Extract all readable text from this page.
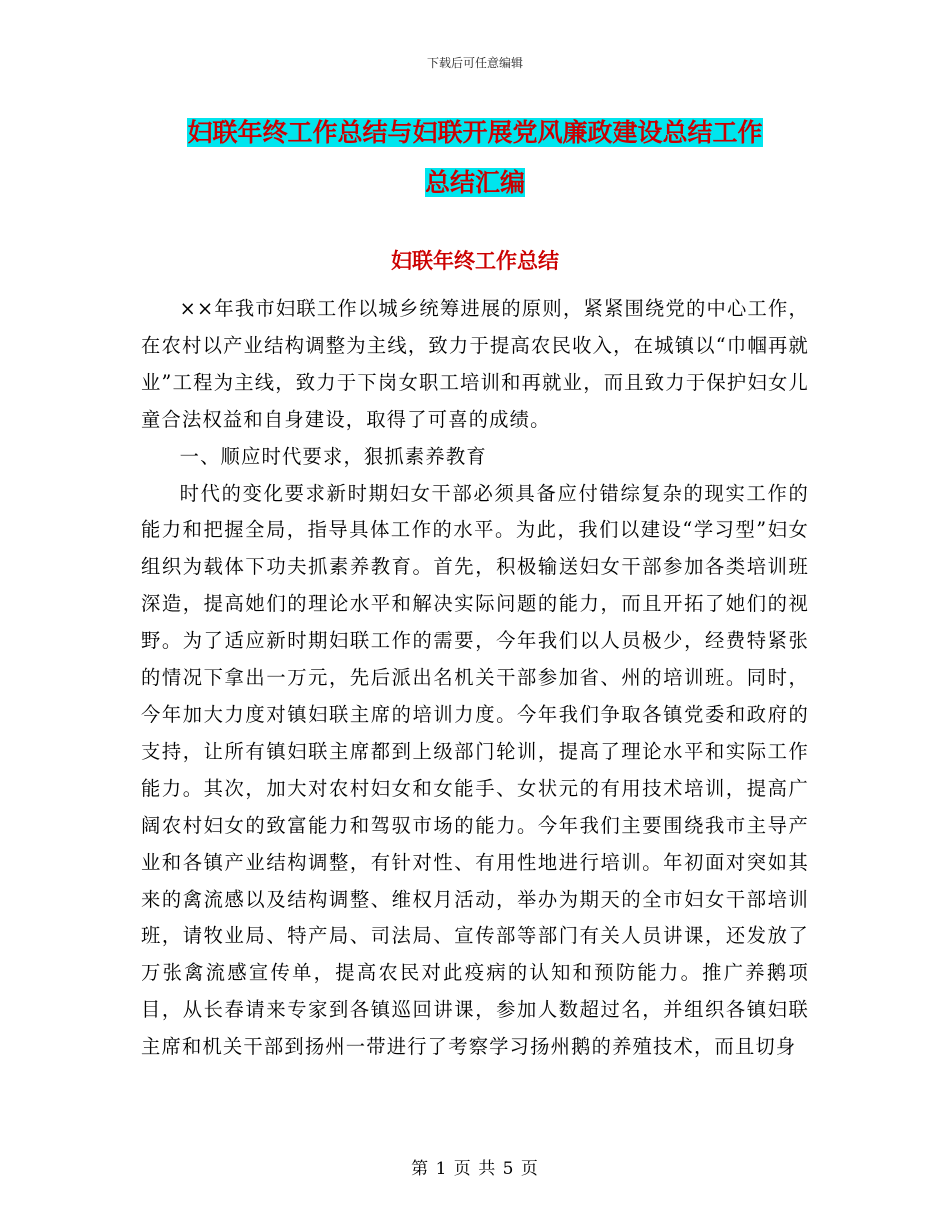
下载后可任意编辑
妇联年终工作总结与妇联开展党风廉政建设总结工作
总结汇编
妇联年终工作总结

××年我市妇联工作以城乡统筹进展的原则，紧紧围绕党的中心工作，在农村以产业结构调整为主线，致力于提高农民收入，在城镇以“巾帼再就业”工程为主线，致力于下岗女职工培训和再就业，而且致力于保护妇女儿童合法权益和自身建设，取得了可喜的成绩。

一、顺应时代要求，狠抓素养教育

时代的变化要求新时期妇女干部必须具备应付错综复杂的现实工作的能力和把握全局，指导具体工作的水平。为此，我们以建设“学习型”妇女组织为载体下功夫抓素养教育。首先，积极输送妇女干部参加各类培训班深造，提高她们的理论水平和解决实际问题的能力，而且开拓了她们的视野。为了适应新时期妇联工作的需要，今年我们以人员极少，经费特紧张的情况下拿出一万元，先后派出名机关干部参加省、州的培训班。同时，今年加大力度对镇妇联主席的培训力度。今年我们争取各镇党委和政府的支持，让所有镇妇联主席都到上级部门轮训，提高了理论水平和实际工作能力。其次，加大对农村妇女和女能手、女状元的有用技术培训，提高广阔农村妇女的致富能力和驾驭市场的能力。今年我们主要围绕我市主导产业和各镇产业结构调整，有针对性、有用性地进行培训。年初面对突如其来的禽流感以及结构调整、维权月活动，举办为期天的全市妇女干部培训班，请牧业局、特产局、司法局、宣传部等部门有关人员讲课，还发放了万张禽流感宣传单，提高农民对此疫病的认知和预防能力。推广养鹅项目，从长春请来专家到各镇巡回讲课，参加人数超过名，并组织各镇妇联主席和机关干部到扬州一带进行了考察学习扬州鹅的养殖技术，而且切身

第 1 页 共 5 页
